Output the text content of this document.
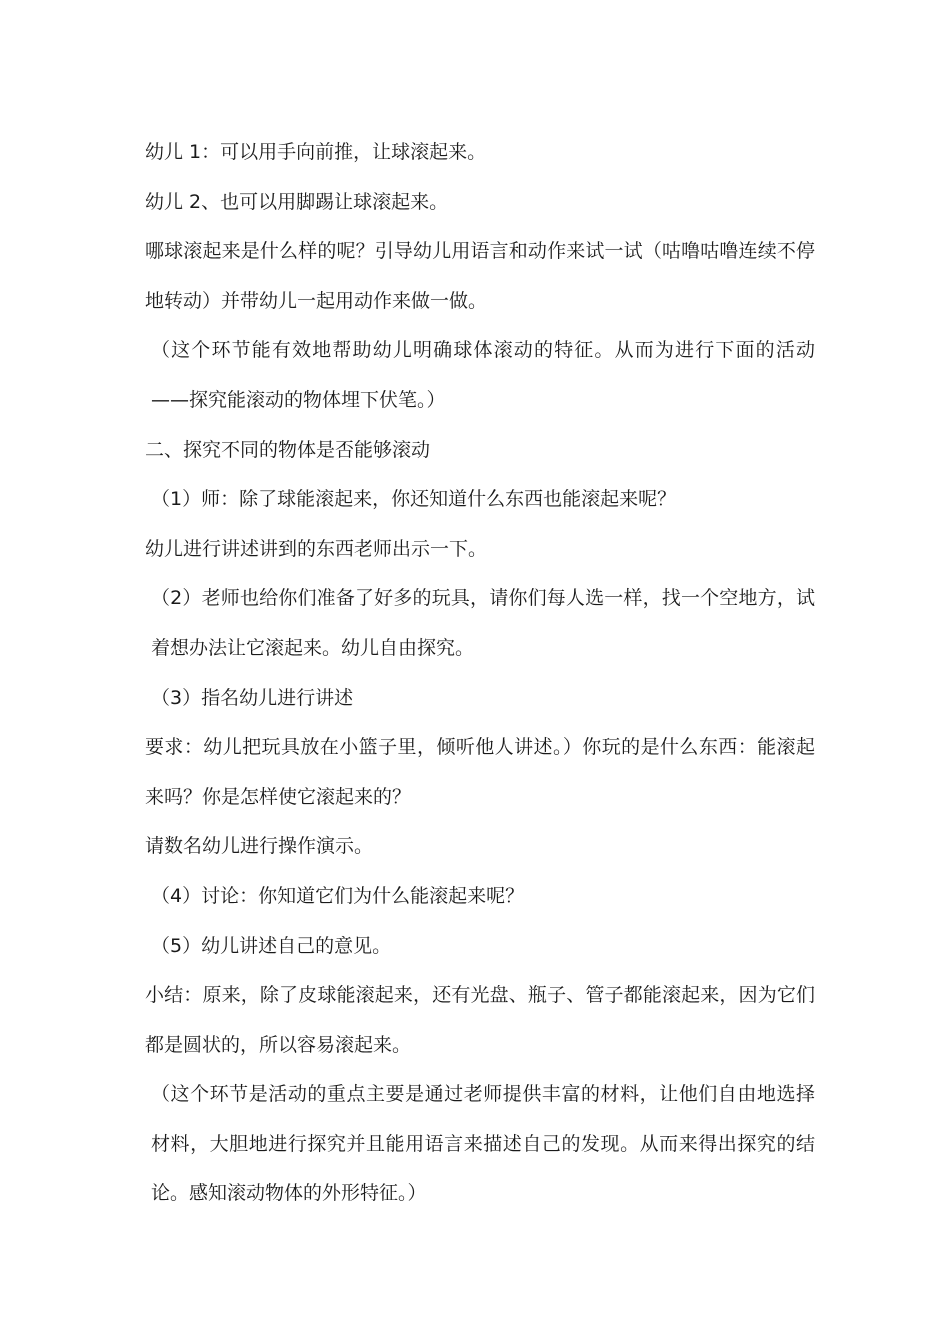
幼儿 1：可以用手向前推，让球滚起来。

幼儿 2、也可以用脚踢让球滚起来。

哪球滚起来是什么样的呢？引导幼儿用语言和动作来试一试（咕噜咕噜连续不停地转动）并带幼儿一起用动作来做一做。

（这个环节能有效地帮助幼儿明确球体滚动的特征。从而为进行下面的活动——探究能滚动的物体埋下伏笔。）

二、探究不同的物体是否能够滚动

（1）师：除了球能滚起来，你还知道什么东西也能滚起来呢？

幼儿进行讲述讲到的东西老师出示一下。

（2）老师也给你们准备了好多的玩具，请你们每人选一样，找一个空地方，试着想办法让它滚起来。幼儿自由探究。

（3）指名幼儿进行讲述

要求：幼儿把玩具放在小篮子里，倾听他人讲述。）你玩的是什么东西：能滚起来吗？你是怎样使它滚起来的？

请数名幼儿进行操作演示。

（4）讨论：你知道它们为什么能滚起来呢？

（5）幼儿讲述自己的意见。

小结：原来，除了皮球能滚起来，还有光盘、瓶子、管子都能滚起来，因为它们都是圆状的，所以容易滚起来。

（这个环节是活动的重点主要是通过老师提供丰富的材料，让他们自由地选择材料，大胆地进行探究并且能用语言来描述自己的发现。从而来得出探究的结论。感知滚动物体的外形特征。）
